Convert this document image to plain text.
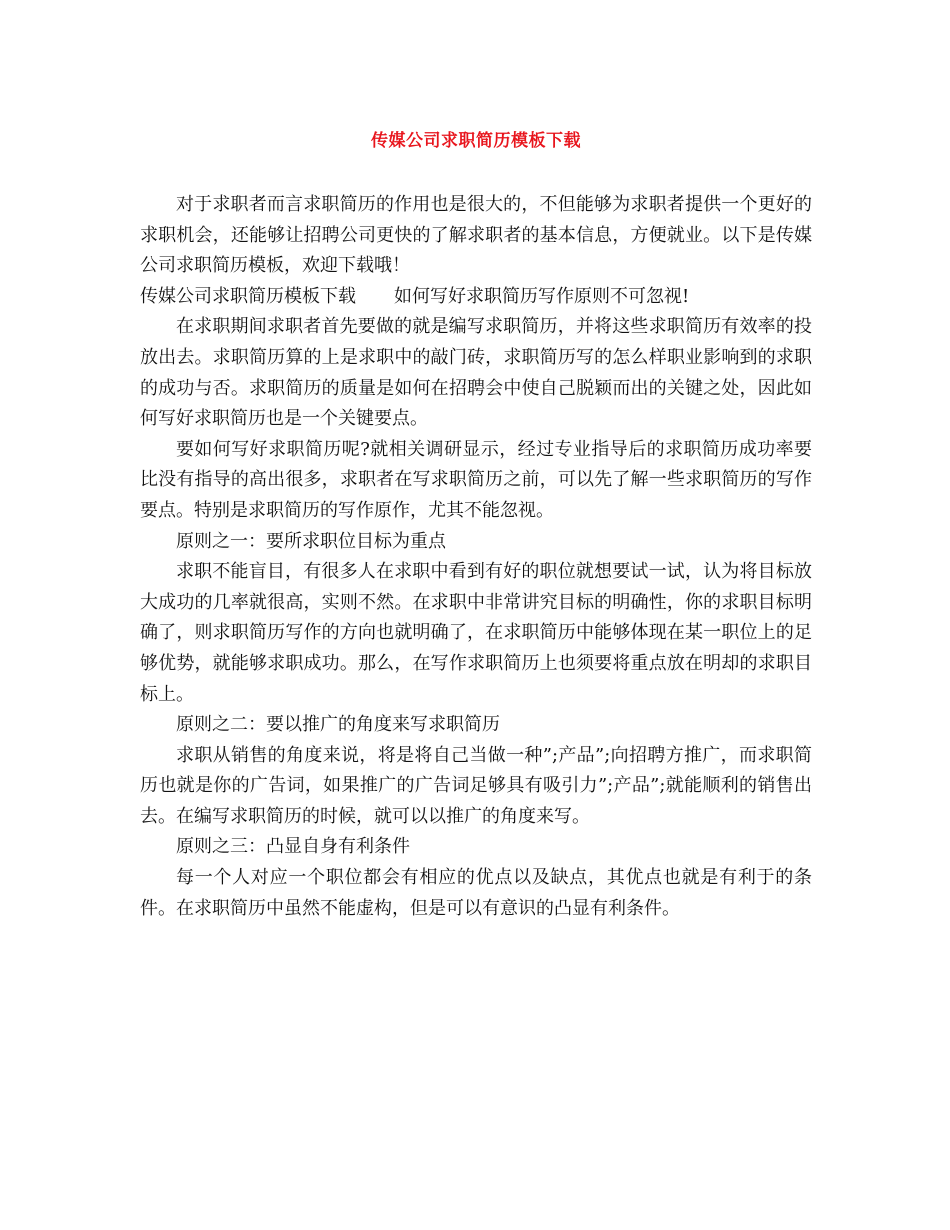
传媒公司求职简历模板下载

对于求职者而言求职简历的作用也是很大的，不但能够为求职者提供一个更好的求职机会，还能够让招聘公司更快的了解求职者的基本信息，方便就业。以下是传媒公司求职简历模板，欢迎下载哦！

传媒公司求职简历模板下载 如何写好求职简历写作原则不可忽视!

在求职期间求职者首先要做的就是编写求职简历，并将这些求职简历有效率的投放出去。求职简历算的上是求职中的敲门砖，求职简历写的怎么样职业影响到的求职的成功与否。求职简历的质量是如何在招聘会中使自己脱颖而出的关键之处，因此如何写好求职简历也是一个关键要点。

要如何写好求职简历呢?就相关调研显示，经过专业指导后的求职简历成功率要比没有指导的高出很多，求职者在写求职简历之前，可以先了解一些求职简历的写作要点。特别是求职简历的写作原作，尤其不能忽视。

原则之一：要所求职位目标为重点

求职不能盲目，有很多人在求职中看到有好的职位就想要试一试，认为将目标放大成功的几率就很高，实则不然。在求职中非常讲究目标的明确性，你的求职目标明确了，则求职简历写作的方向也就明确了，在求职简历中能够体现在某一职位上的足够优势，就能够求职成功。那么，在写作求职简历上也须要将重点放在明却的求职目标上。

原则之二：要以推广的角度来写求职简历

求职从销售的角度来说，将是将自己当做一种”;产品”;向招聘方推广，而求职简历也就是你的广告词，如果推广的广告词足够具有吸引力”;产品”;就能顺利的销售出去。在编写求职简历的时候，就可以以推广的角度来写。

原则之三：凸显自身有利条件

每一个人对应一个职位都会有相应的优点以及缺点，其优点也就是有利于的条件。在求职简历中虽然不能虚构，但是可以有意识的凸显有利条件。
